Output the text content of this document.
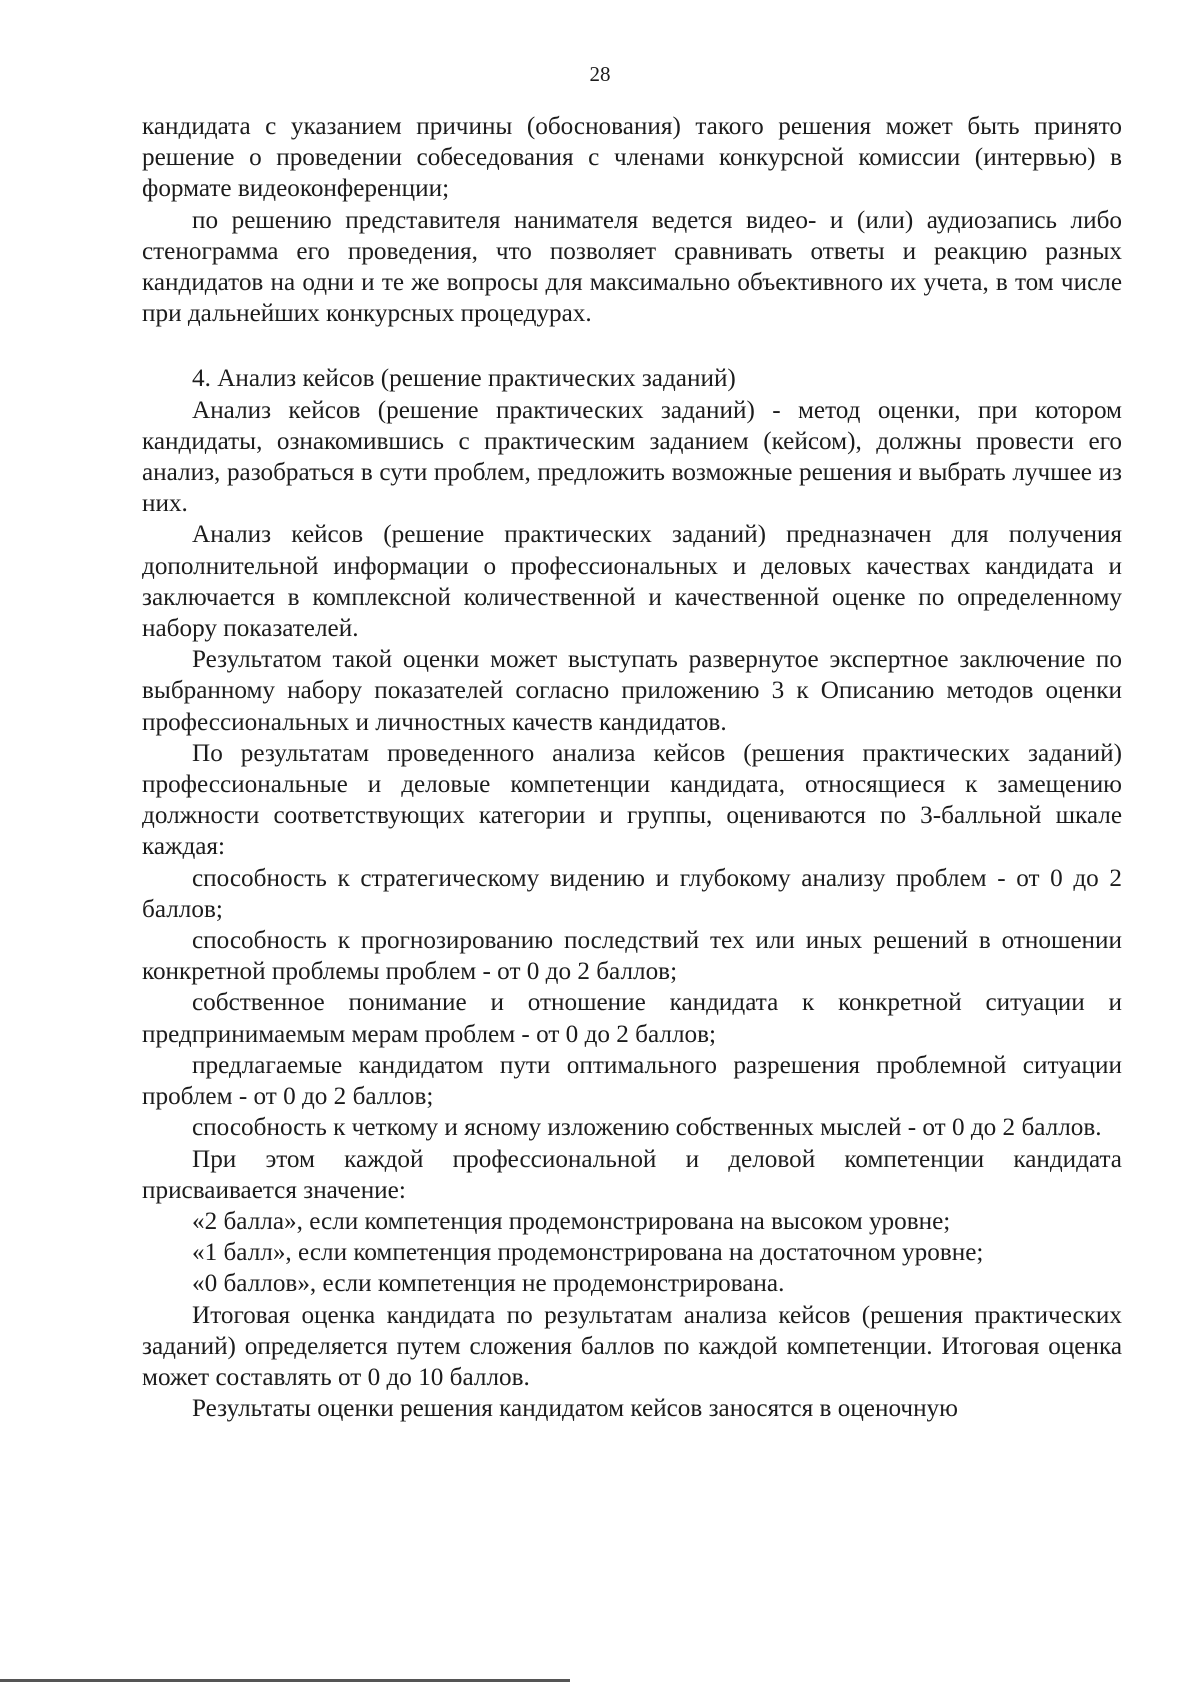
28

кандидата с указанием причины (обоснования) такого решения может быть принято решение о проведении собеседования с членами конкурсной комиссии (интервью) в формате видеоконференции;

по решению представителя нанимателя ведется видео- и (или) аудиозапись либо стенограмма его проведения, что позволяет сравнивать ответы и реакцию разных кандидатов на одни и те же вопросы для максимально объективного их учета, в том числе при дальнейших конкурсных процедурах.

4. Анализ кейсов (решение практических заданий)

Анализ кейсов (решение практических заданий) - метод оценки, при котором кандидаты, ознакомившись с практическим заданием (кейсом), должны провести его анализ, разобраться в сути проблем, предложить возможные решения и выбрать лучшее из них.

Анализ кейсов (решение практических заданий) предназначен для получения дополнительной информации о профессиональных и деловых качествах кандидата и заключается в комплексной количественной и качественной оценке по определенному набору показателей.

Результатом такой оценки может выступать развернутое экспертное заключение по выбранному набору показателей согласно приложению 3 к Описанию методов оценки профессиональных и личностных качеств кандидатов.

По результатам проведенного анализа кейсов (решения практических заданий) профессиональные и деловые компетенции кандидата, относящиеся к замещению должности соответствующих категории и группы, оцениваются по 3-балльной шкале каждая:

способность к стратегическому видению и глубокому анализу проблем - от 0 до 2 баллов;

способность к прогнозированию последствий тех или иных решений в отношении конкретной проблемы проблем - от 0 до 2 баллов;

собственное понимание и отношение кандидата к конкретной ситуации и предпринимаемым мерам проблем - от 0 до 2 баллов;

предлагаемые кандидатом пути оптимального разрешения проблемной ситуации проблем - от 0 до 2 баллов;

способность к четкому и ясному изложению собственных мыслей - от 0 до 2 баллов.

При этом каждой профессиональной и деловой компетенции кандидата присваивается значение:

«2 балла», если компетенция продемонстрирована на высоком уровне;

«1 балл», если компетенция продемонстрирована на достаточном уровне;

«0 баллов», если компетенция не продемонстрирована.

Итоговая оценка кандидата по результатам анализа кейсов (решения практических заданий) определяется путем сложения баллов по каждой компетенции. Итоговая оценка может составлять от 0 до 10 баллов.

Результаты оценки решения кандидатом кейсов заносятся в оценочную
